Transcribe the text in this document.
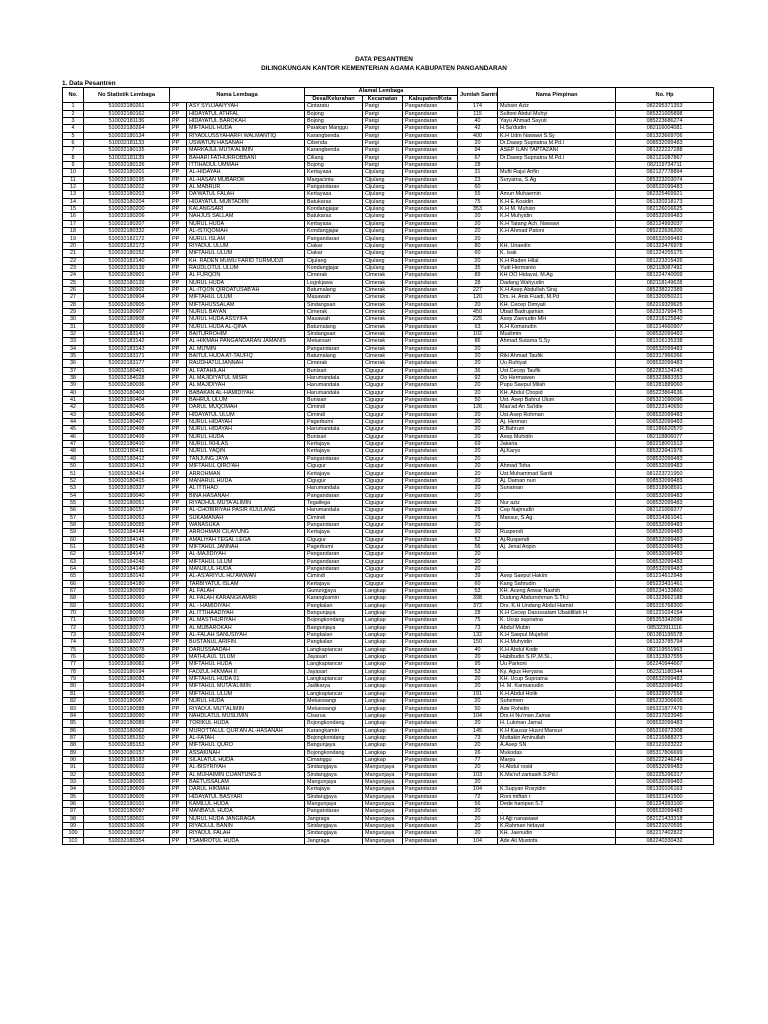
DATA PESANTREN
DILINGKUNGAN KANTOR KEMENTERIAN AGAMA KABUPATEN PANGANDARAN
1. Data Pesantren
No.	No Statistik Lembaga	Nama Lembaga		Alamat Lembaga			Jumlah Santri	Nama Pimpinan	No. Hp
				Desa/Kelurahan	Kecamatan	Kabupaten/Kota			
1	510032180261	PP	ASY SYUJAAIYYAH	Cintaratu	Parigi	Pangandaran	174	Muhsin Aziz	082295371353
2	510032180162	PP	HIDAYATUL ATHFAL	Bojong	Parigi	Pangandaran	115	Sultoni Abdul Muhyi	085321005898
3	510032181136	PP	HIDAYATUL BAROKAH	Bojong	Parigi	Pangandaran	40	Yayu Ahmad Sayuti	085223686274
4	510032180264	PP	MIFTAHUL HUDA	Parakan Manggu	Parigi	Pangandaran	42	H.Sa'dudin	082116004081
5	510032180134	PP	RIYADLUSSYAHARFI WALMANTIQ	Karangbenda	Parigi	Pangandaran	400	K.H Udin Nawawi S.Sy	081323669706
6	510032181133	PP	USWATUN HASANAH	Cibenda	Parigi	Pangandaran	20	Dr.Dasep Supriatna M.Pd.I	008532099483
7	510032180135	PP	MARKAJUL MUTA'ALIMIN	Karangbenda	Parigi	Pangandaran	94	ASEP ILAN TAPTAZANI	081322227288
8	510032181139	PP	BAHARI FATHURROBBANI	Ciliang	Parigi	Pangandaran	67	Dr.Dasep Supriatna M.Pd.I	082121087867
9	510032180136	PP	ITTIHADUL UMMAH	Bojong	Parigi	Pangandaran	28		082119734711
10	510032180201	PP	AL-HIDAYAH	Kertayasa	Cijulang	Pangandaran	31	Mufti Rajul Arifin	082127778894
11	510032180195	PP	AL-HASAN MUBAROK	Margacinta	Cijulang	Pangandaran	23	Suryatna, S.Ag	085323203074
12	510032180202	PP	AL MABRUR	Pangandaran	Cijulang	Pangandaran	60		008532099483
13	510032180203	PP	DA'WATUL FALAH	Kertayasa	Cijulang	Pangandaran	55	Amun Muhaemin	082325469921
14	510032180204	PP	HIDAYATUL MUBTADIIN	Batukaras	Cijulang	Pangandaran	75	K.H E.Kosidin	081320218173
15	510032180200	PP	KALANGSARI	Kondangjajar	Cijulang	Pangandaran	353	K.H M. Muhsin	082126016625
16	510032180206	PP	NAHJUS SALLAM	Batukaras	Cijulang	Pangandaran	20	K.H Muhyidin	008532099483
17	510032180207	PP	NURUL HUDA	Kertayasa	Cijulang	Pangandaran	20	K.H Tatang Ach. Nawawi	082124993037
18	510032180332	PP	AL-ISTIQOMAH	Kondangjajar	Cijulang	Pangandaran	20	K.H Ahmad Patoni	085222636200
19	510032182172	PP	NURUL ISLAM	Pangandaran	Cijulang	Pangandaran	20		008532099483
20	510032182173	PP	RIYADUL ULUM	Ciakar	Cijulang	Pangandaran	80	KH. Unaedin	081323476978
21	510032180152	PP	MIFTAHUL ULUM	Ciakar	Cijulang	Pangandaran	60	K. Isak	081224255175
22	510032182140	PP	KH. RADEN MUMU FARID TURMUDZI	Cijulang	Cijulang	Pangandaran	20	K.H Raden Hilal	081223315426
23	510032180139	PP	RAUDLOTUL ULUM	Kondangjajar	Cijulang	Pangandaran	35	Yudi Hermanto	082118087492
24	510032180901	PP	AL FURQON	Cimerak	Cimerak	Pangandaran	89	KH OO Hidayat, M.Ag	081224740009
25	510032180139	PP	NURUL HUDA	Legokjawa	Cimerak	Pangandaran	28	Dadang Wahyudin	082118149628
26	510032180902	PP	AL-ITQON QIROATUSAB'AH	Batumalang	Cimerak	Pangandaran	227	K.H Asep Abdullah Siraj	085238222389
27	510032180904	PP	MIFTAHUL ULUM	Masawah	Cimerak	Pangandaran	120	Drs. H. Anis Fuadi, M.Pd	081320050221
28	510032180905	PP	MIFTAHUSSALAM	Sindangsari	Cimerak	Pangandaran	20	KH. Cecep Dimyati	082219329625
29	510032180907	PP	NURUL BAYAN	Cimerak	Cimerak	Pangandaran	450	Ubad Badrujaman	082323799475
30	510032180908	PP	NURUL HUDA ASSYIFA	Masawah	Cimerak	Pangandaran	225	Asep Zaenudin MH	082318125840
31	510032180909	PP	NURUL HUDA AL-QINA	Batumalang	Cimerak	Pangandaran	63	K.H Komarudin	081214660907
32	510032183141	PP	BAITURROHIM	Sindangsari	Cimerak	Pangandaran	102	Muslimin	008532099483
33	510032183142	PP	AL-HIKMAH PANGANDARAN JAMANIS	Mekarsari	Cimerak	Pangandaran	86	Ahmad Sutama S,Sy	081316135338
34	510032183143	PP	AL MU'MIN	Pangandaran	Cimerak	Pangandaran	20		008532099483
35	510032183171	PP	BAITUL HUDA AT-TAUFIQ	Batumalang	Cimerak	Pangandaran	20	Riki Ahmad Taufik	082317966266
36	510032183177	PP	RAUDHATULJANNAH	Cimerak	Cimerak	Pangandaran	20	Uu Ruhiyat	008532099483
37	510032180401	PP	AL FATAHILAH	Bunisari	Cigugur	Pangandaran	36	Ust Cecep Taufik	082282124243
38	510032184028	PP	AL MAJIDIYATUL MISRI	Harumandala	Cigugur	Pangandaran	92	Oo Hermawan	085323883353
39	510032180036	PP	AL MAJIDIYAH	Harumandala	Cigugur	Pangandaran	20	Pupu Saepul Milah	081281889060
40	510032180403	PP	BABAKAN AL-HAMIDIYAH	Harumandala	Cigugur	Pangandaran	20	KH. Abdul Chopid	085223864636
41	510032180404	PP	BAHRUL ULUM	Bunisari	Cigugur	Pangandaran	50	Ust. Asep Bahrul Ulum	085321090096
42	510032180405	PP	DARUL MUQOMAH	Cimindi	Cigugur	Pangandaran	126	Mas'ad An Sa'idie	085223140650
43	510032180406	PP	HIDAYATUL ULUM	Cimindi	Cigugur	Pangandaran	20	Ust.Asep Rohman	008532099483
44	510032180407	PP	NURUL HIDAYAH	Pagerbumi	Cigugur	Pangandaran	20	Aj. Herman	008532099483
45	510032180408	PP	NURUL HIDAYAH	Harumandala	Cigugur	Pangandaran	20	R.Bahrum	081286620570
46	510032180409	PP	NURUL HUDA	Bunisari	Cigugur	Pangandaran	20	Asep Muhidin	082118806077
47	510032180410	PP	NURUL IKHLAS	Kertajaya	Cigugur	Pangandaran	69	Jakaria	082218001513
48	510032180411	PP	NURUL YAQIN	Kertajaya	Cigugur	Pangandaran	20	Aj.Karyo	085323941976
49	510032180412	PP	TANJUNG JAYA	Pangandaran	Cigugur	Pangandaran	20		008532099483
50	510032180413	PP	MIFTAHUL QIRO'AH	Cigugur	Cigugur	Pangandaran	20	Ahmad Toha	008532099483
51	510032180414	PP	ARROHMAN	Kertajaya	Cigugur	Pangandaran	20	Ust.Muhammad Sardi	081223721950
52	510032180415	PP	MANARUL HUDA	Cigugur	Cigugur	Pangandaran	20	Aj. Daman nuri	008532099483
53	510032180337	PP	AL ITTIHAD	Harumandala	Cigugur	Pangandaran	20	Sunaman	085318908591
54	510032180040	PP	BINA HASANAH	Pangandaran	Cigugur	Pangandaran	20		008532099483
55	510032180051	PP	RIYADHUL MUTA'ALIMIN	Tegallega	Cigugur	Pangandaran	20	Nur aziz	008532099483
56	510032180157	PP	AL-CHOBIRIYAH PASIR KUULANG	Harumandala	Cigugur	Pangandaran	29	Cep Najmudin	082121009377
57	510032180053	PP	SUKAMANAH	Cimindi	Cigugur	Pangandaran	75	Mansur, S.Ag.	085314361041
58	510032180055	PP	WANASUKA	Pangandaran	Cigugur	Pangandaran	20		008532099483
59	510032184144	PP	ARROHMAN CILAYUNG	Kertajaya	Cigugur	Pangandaran	20	Ruspendi	008532099483
60	510032184145	PP	AMALIYAH TEGAL LEGA	Cigugur	Cigugur	Pangandaran	52	Aj.Ruspendi	008532099483
61	510032180148	PP	MIFTAHUL JANNAH	Pagerbumi	Cigugur	Pangandaran	56	Aj. Jenal Aripin	008532099483
62	510032184147	PP	AL-MAJIDIYAH	Pangandaran	Cigugur	Pangandaran	20		008532099483
63	510032184148	PP	MIFTAHUL ULUM	Pangandaran	Cigugur	Pangandaran	20		008532099483
64	510032184149	PP	MANJILUL HUDA	Pangandaran	Cigugur	Pangandaran	20		008532099483
65	510032180142	PP	AL-AS'ARIYUL HU'AWWAN	Cimindi	Cigugur	Pangandaran	39	Asep Saepul Hakim	081214612948
66	510032184180	PP	TARBIYATUL ISLAM	Kertajaya	Cigugur	Pangandaran	60	Kang Sahrudin	085223431461
67	510032180059	PP	AL FALAH	Gunungjaya	Langkap	Pangandaran	53	KH. Aceng Anwar Nashih	085234133860
68	510032180060	PP	AL FALAH KARANGKAMIRI	Karangkamiri	Langkap	Pangandaran	398	Dudung Abdurrohman S.Th.I	081323662188
69	510032180061	PP	AL - HAMIDIYAH	Pangkalan	Langkap	Pangandaran	372	Drs. K.H Undang Abdul Hamid	085315768300
70	510032180068	PP	AL ITTIHAADIYAH	Bangunjaya	Langkap	Pangandaran	28	K.H Cecep Darussalam Ubaidillah H	081221024154
71	510032180070	PP	AL MASTHURIYAH	Bojongkondang	Langkap	Pangandaran	75	K. Ucup supriatna	085353342096
72	510032180073	PP	AL MUBAROKAH	Bangunjaya	Langkap	Pangandaran	73	Abdul Mubin	085323911116
73	510032180074	PP	AL-FALAH SANUSIYAH	Pangkalan	Langkap	Pangandaran	132	K.H Saepul Mujahid	081381195578
74	510032180077	PP	BUSTANUL ARIFIN	Pangkalan	Langkap	Pangandaran	150	K.H.Muhyidin	081323785794
75	510032180078	PP	DARUSSAADAH	Langkapiancar	Langkap	Pangandaran	40	K.H Abdul Kodir	082119551963
76	510032180080	PP	MATHLAUL 'ULUM	Jayasari	Langkap	Pangandaran	20	Habibudin S.IP.,M.Si.,	081313937555
77	510032180082	PP	MIFTAHUL HUDA	Langkapiancar	Langkap	Pangandaran	95	Uu Parkoni	082240944667
78	510032180194	PP	FAOZUL HIKMAH II	Jayasari	Langkap	Pangandaran	53	Ky. Agus Heryana	082321180344
79	510032180083	PP	MIFTAHUL HUDA 01	Langkapiancar	Langkap	Pangandaran	20	KH. Ucup Supriatna	008532099483
80	510032180084	PP	MIFTAHUL MUTA'ALIMIN	Jadikarya	Langkap	Pangandaran	20	H. M. Karmanudin	008532099483
81	510032180085	PP	MIFTAHUL ULUM	Langkapiancar	Langkap	Pangandaran	191	K.H Abdul Holik	085329937558
82	510032180087	PP	NURUL HUDA	Mekarwangi	Langkap	Pangandaran	20	Suhemen	085232306605
83	510032180088	PP	RIYADUL MUT'ALIMIN	Mekarwangi	Langkap	Pangandaran	50	Ade Rohidin	085321877479
84	510032180090	PP	NAHDLATUL MUSLIMIN	Cisarua	Langkap	Pangandaran	104	Drs.H Nu'man Zamai	082217023945
85	510032180089	PP	TORIKUL HUDA	Bojongkondang	Langkap	Pangandaran	20	H. Lukman Jamal	008532099483
86	510032180062	PP	MUROTTALUL QUR'AN AL-HASANAH	Karangkamiri	Langkap	Pangandaran	145	K.H Kausar Husni Mansur	085316972308
87	510032185150	PP	AL-FATAH	Bojongkondang	Langkap	Pangandaran	73	Muttakin Aminullah	081216988373
88	510032185153	PP	MIFTAHUL QURO	Bangunjaya	Langkap	Pangandaran	20	A.Asep SN	082121023222
89	510032180157	PP	ASSAKINAH	Bojongkondang	Langkap	Pangandaran	26	Mukodas	085317806699
90	510032185183	PP	SILALATUL HUDA	Cimanggu	Langkap	Pangandaran	77	Marpu	085222246249
91	510032180602	PP	AL-BISYRIYAH	Sindangjaya	Mangunjaya	Pangandaran	20	H.Abdul rosid	008532099483
92	510032180603	PP	AL MUHAIMIN CIJANTUNG 3	Sindangjaya	Mangunjaya	Pangandaran	103	K.Ma'ruf zarkasih S.Pd.I	082225296317
93	510032180093	PP	BAETUSSALAM	Mangunjaya	Mangunjaya	Pangandaran	20		008532099483
94	510032180609	PP	DARUL HIKMAH	Kertajaya	Mangunjaya	Pangandaran	104	K.Supyan Rosyidin	081320106163
95	510032180605	PP	HIDAYATUL BASYARI	Sindangjaya	Mangunjaya	Pangandaran	72	Roni miftah r	085321341500
96	510032180101	PP	KAMILUL HUDA	Mangunjaya	Mangunjaya	Pangandaran	56	Dede hanipan S.T	081224393100
97	510032180097	PP	MANBA'UL HUDA	Pangandaran	Mangunjaya	Pangandaran	20		008532099483
98	510032180601	PP	NURUL HUDA JANGRAGA	Jangraga	Mangunjaya	Pangandaran	20	H.Ajji nanawawi	082121433318
99	510032180106	PP	RIYADLUL BANIN	Sindangjaya	Mangunjaya	Pangandaran	20	K.Rahman hidayat	085221070595
100	510032180107	PP	RIYADUL FALAH	Sindangjaya	Mangunjaya	Pangandaran	20	KH. Jaenudin	082217402822
101	510032180354	PP	TSAMROTUL HUDA	Jangraga	Mangunjaya	Pangandaran	104	Ade Ali Mustofa	082240330432
